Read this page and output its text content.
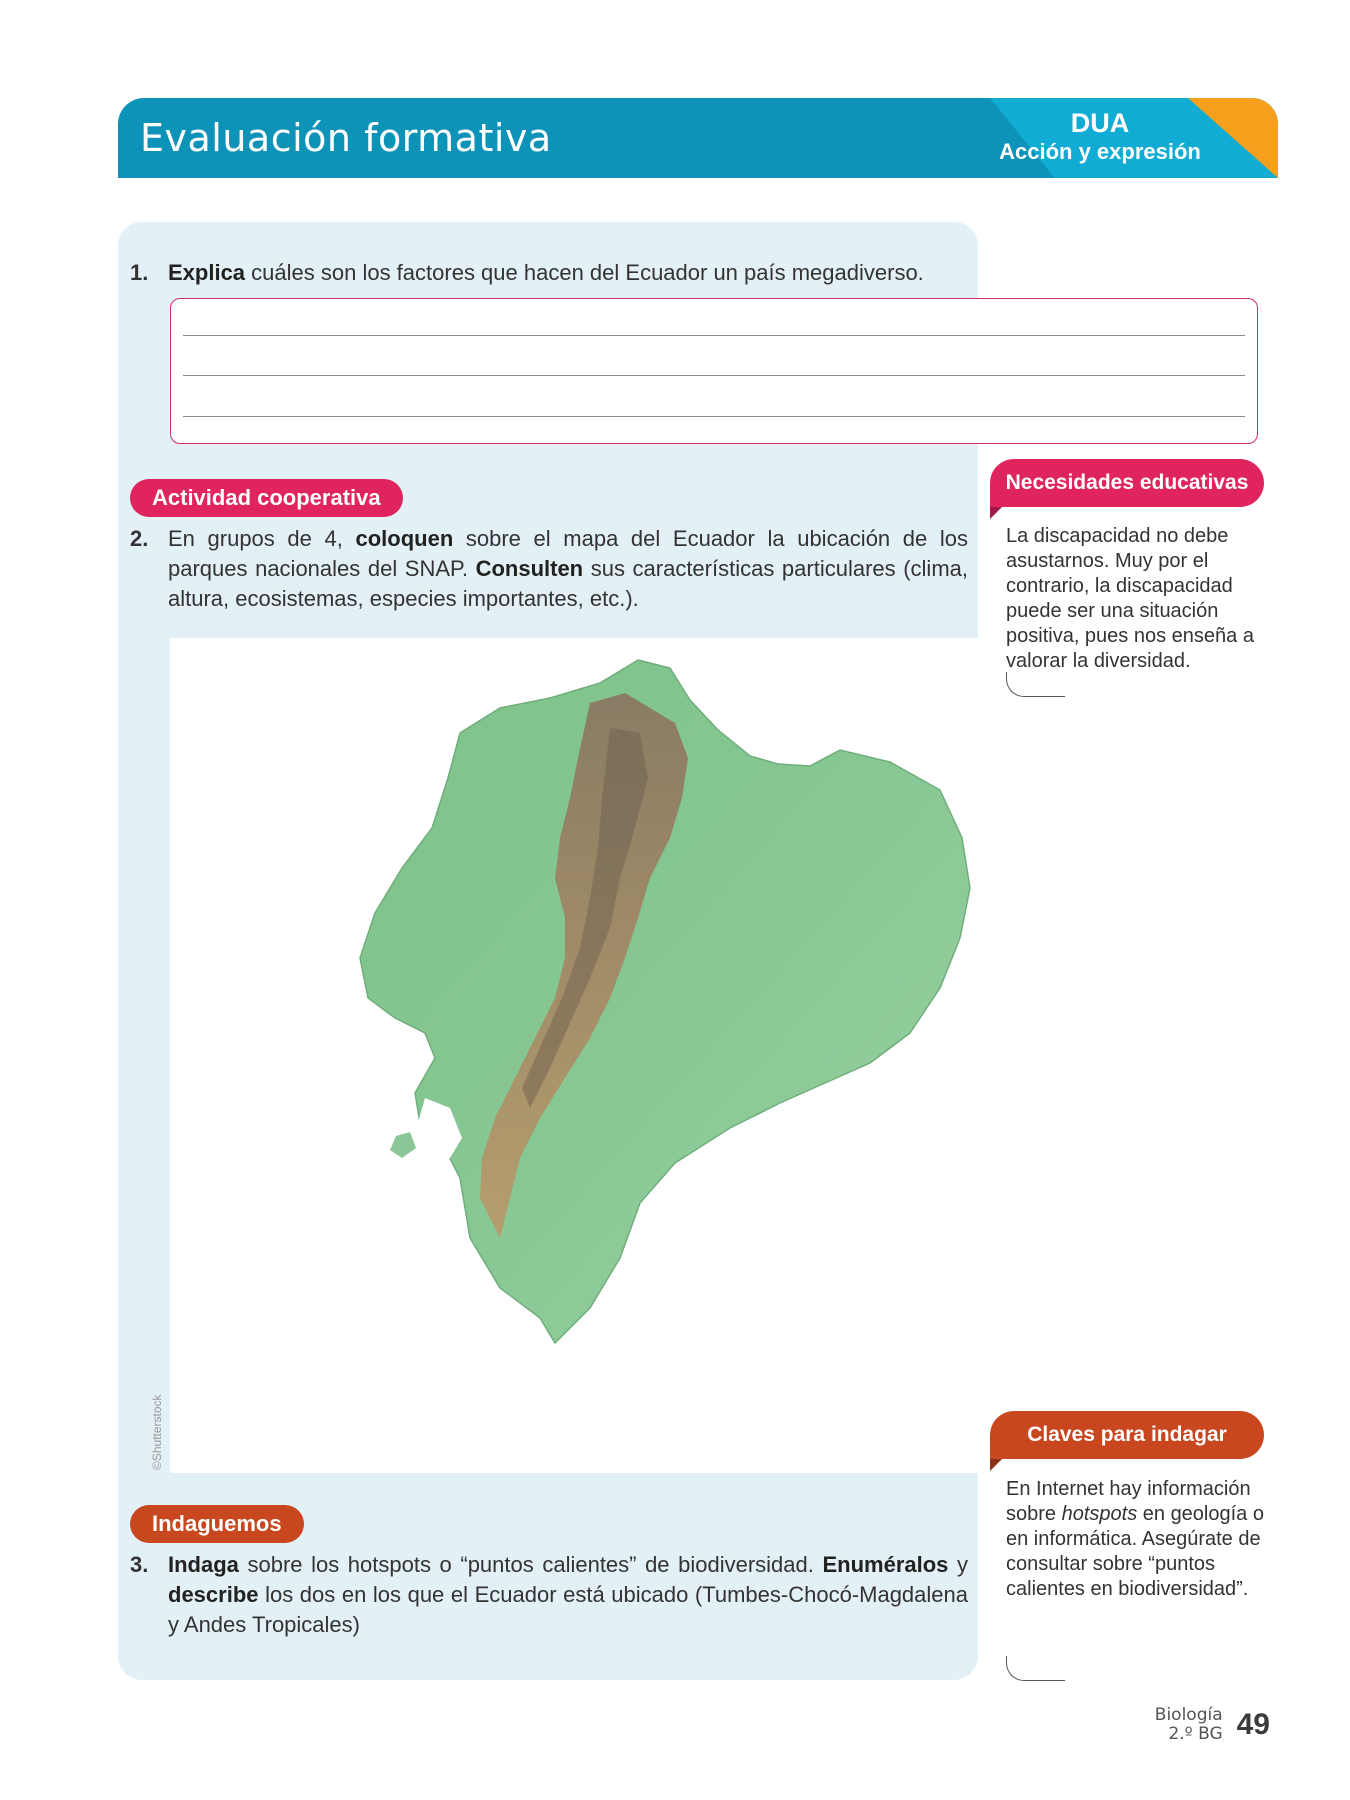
Evaluación formativa	DUA
Acción y expresión
1. Explica cuáles son los factores que hacen del Ecuador un país megadiverso.
Actividad cooperativa
2. En grupos de 4, coloquen sobre el mapa del Ecuador la ubicación de los parques nacionales del SNAP. Consulten sus características particulares (clima, altura, ecosistemas, especies importantes, etc.).
©Shutterstock
Indaguemos
3. Indaga sobre los hotspots o “puntos calientes” de biodiversidad. Enuméralos y describe los dos en los que el Ecuador está ubicado (Tumbes-Chocó-Magdalena y Andes Tropicales)
Necesidades educativas
La discapacidad no debe asustarnos. Muy por el contrario, la discapacidad puede ser una situación positiva, pues nos enseña a valorar la diversidad.
Claves para indagar
En Internet hay información sobre hotspots en geología o en informática. Asegúrate de consultar sobre “puntos calientes en biodiversidad”.
Biología
2.º BG 49
